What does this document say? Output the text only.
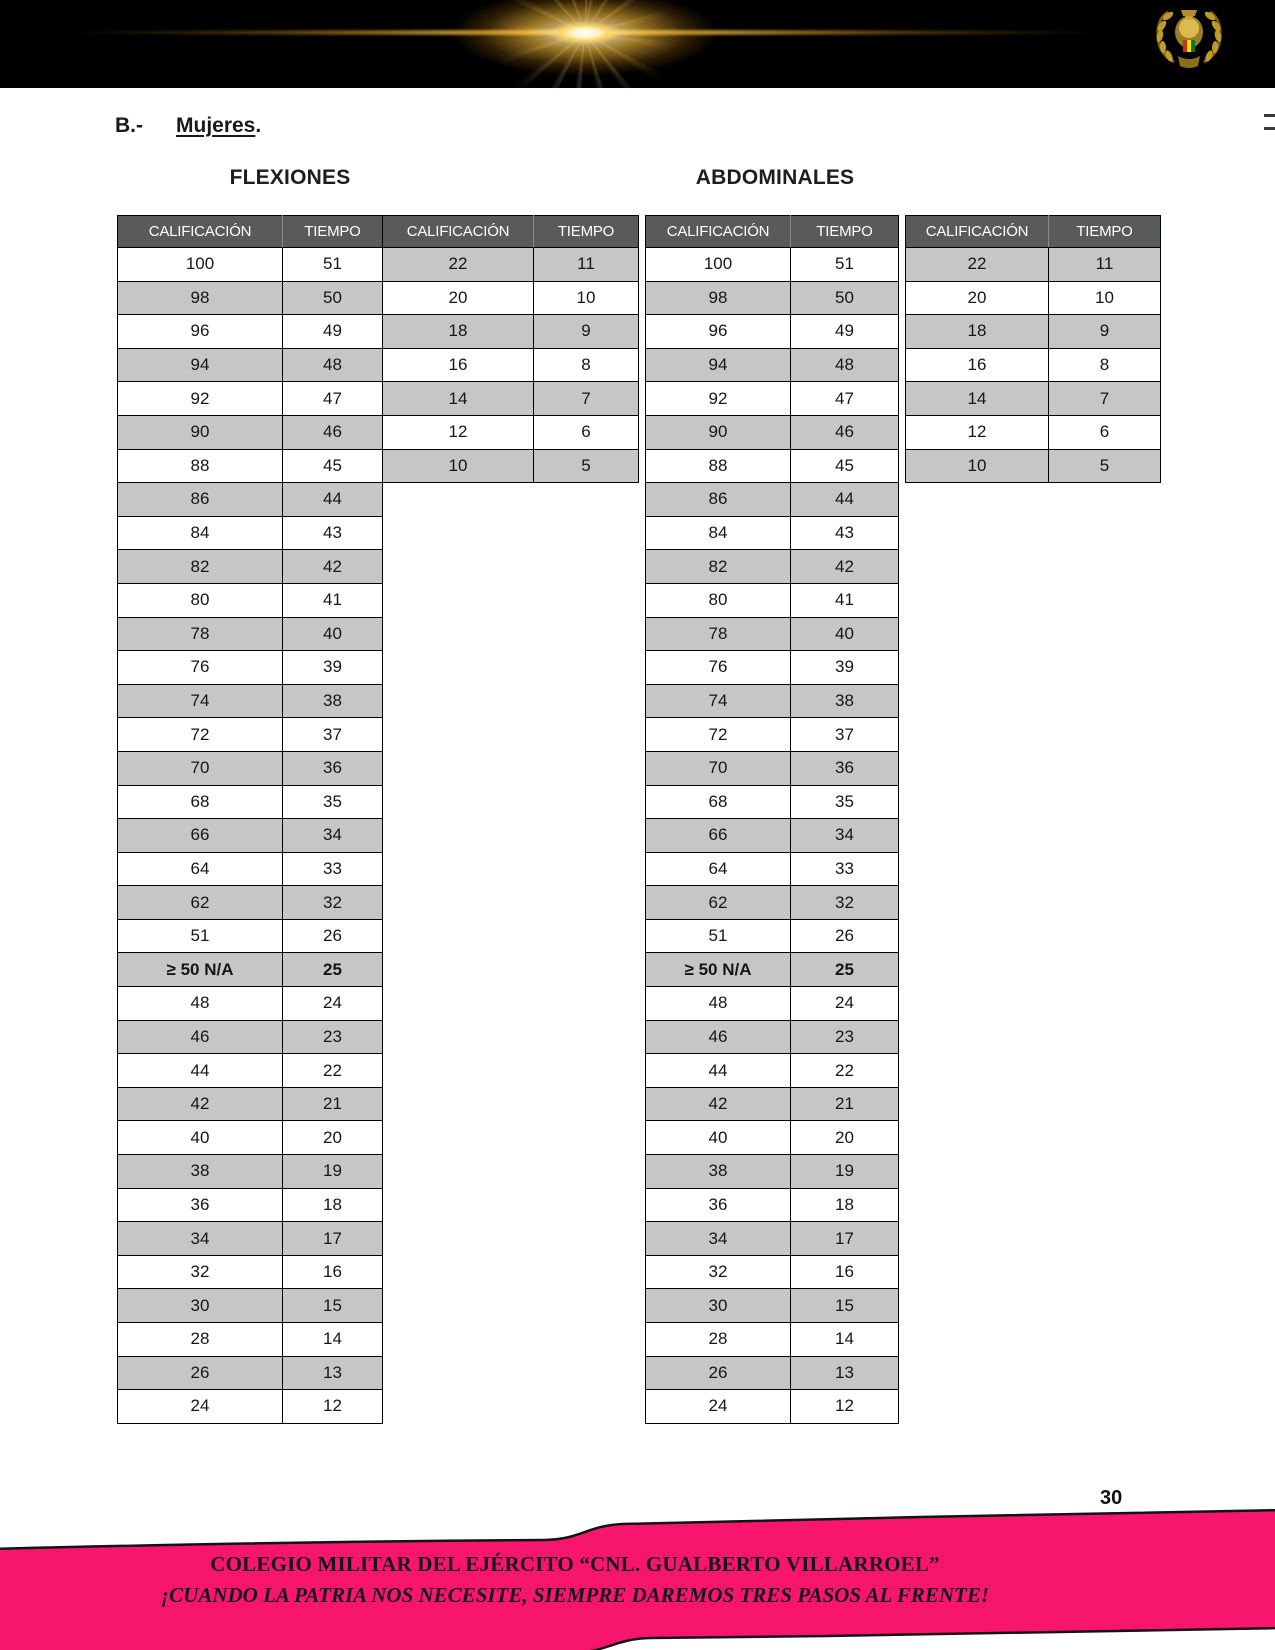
B.- Mujeres.
FLEXIONES	ABDOMINALES
CALIFICACIÓN	TIEMPO
100	51
98	50
96	49
94	48
92	47
90	46
88	45
86	44
84	43
82	42
80	41
78	40
76	39
74	38
72	37
70	36
68	35
66	34
64	33
62	32
51	26
≥ 50 N/A	25
48	24
46	23
44	22
42	21
40	20
38	19
36	18
34	17
32	16
30	15
28	14
26	13
24	12
CALIFICACIÓN	TIEMPO
22	11
20	10
18	9
16	8
14	7
12	6
10	5
CALIFICACIÓN	TIEMPO
100	51
98	50
96	49
94	48
92	47
90	46
88	45
86	44
84	43
82	42
80	41
78	40
76	39
74	38
72	37
70	36
68	35
66	34
64	33
62	32
51	26
≥ 50 N/A	25
48	24
46	23
44	22
42	21
40	20
38	19
36	18
34	17
32	16
30	15
28	14
26	13
24	12
CALIFICACIÓN	TIEMPO
22	11
20	10
18	9
16	8
14	7
12	6
10	5
30
COLEGIO MILITAR DEL EJÉRCITO “CNL. GUALBERTO VILLARROEL”
¡CUANDO LA PATRIA NOS NECESITE, SIEMPRE DAREMOS TRES PASOS AL FRENTE!
